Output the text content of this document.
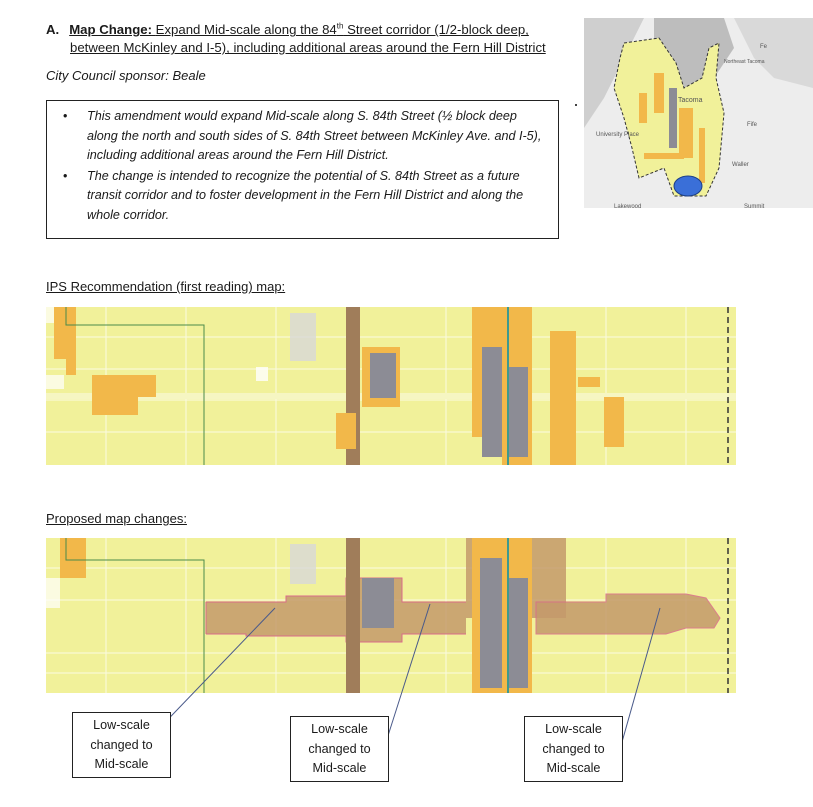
A. Map Change: Expand Mid-scale along the 84th Street corridor (1/2-block deep,
between McKinley and I-5), including additional areas around the Fern Hill District
City Council sponsor: Beale
• This amendment would expand Mid-scale along S. 84th Street (½ block deep along the north and south sides of S. 84th Street between McKinley Ave. and I-5), including additional areas around the Fern Hill District.
• The change is intended to recognize the potential of S. 84th Street as a future transit corridor and to foster development in the Fern Hill District and along the whole corridor.
Tacoma
University Place
Fife
Waller
Lakewood
Northeast Tacoma
Summit
Fe
IPS Recommendation (first reading) map:
Proposed map changes:
Low-scale
changed to
Mid-scale
Low-scale
changed to
Mid-scale
Low-scale
changed to
Mid-scale
